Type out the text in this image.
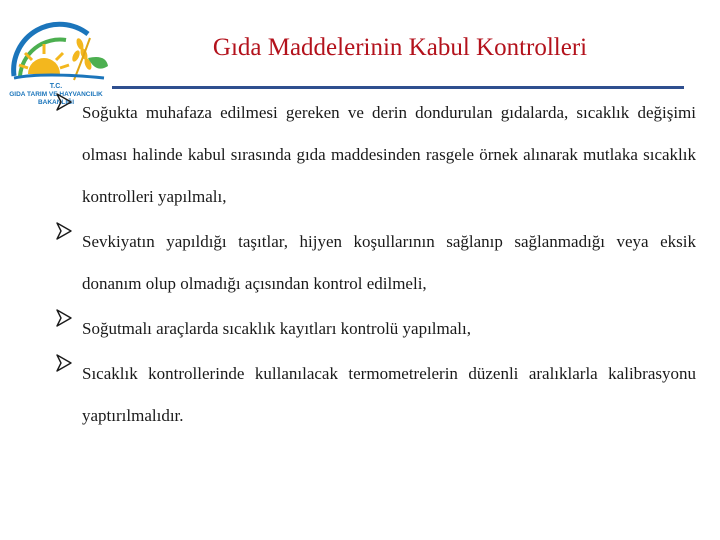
T.C.
GIDA TARIM VE HAYVANCILIK
BAKANLIĞI
Gıda Maddelerinin Kabul Kontrolleri

Soğukta muhafaza edilmesi gereken ve derin dondurulan gıdalarda, sıcaklık değişimi olması halinde kabul sırasında gıda maddesinden rasgele örnek alınarak mutlaka sıcaklık kontrolleri yapılmalı,

Sevkiyatın yapıldığı taşıtlar, hijyen koşullarının sağlanıp sağlanmadığı veya eksik donanım olup olmadığı açısından kontrol edilmeli,

Soğutmalı araçlarda sıcaklık kayıtları kontrolü yapılmalı,

Sıcaklık kontrollerinde kullanılacak termometrelerin düzenli aralıklarla kalibrasyonu yaptırılmalıdır.
